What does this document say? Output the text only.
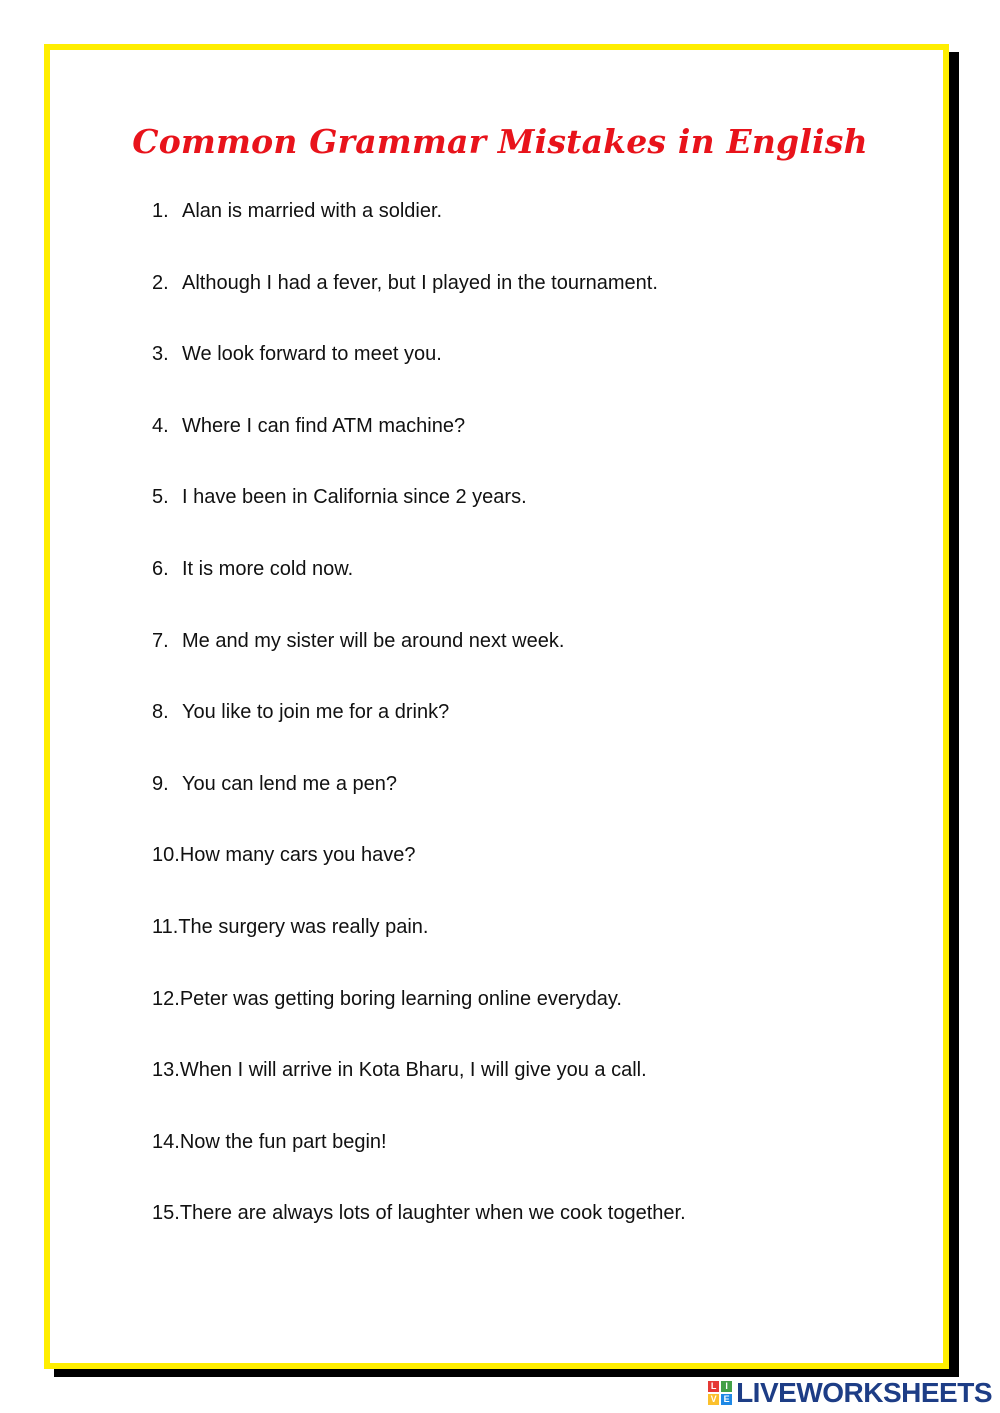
Common Grammar Mistakes in English
1. Alan is married with a soldier.
2. Although I had a fever, but I played in the tournament.
3. We look forward to meet you.
4. Where I can find ATM machine?
5. I have been in California since 2 years.
6. It is more cold now.
7. Me and my sister will be around next week.
8. You like to join me for a drink?
9. You can lend me a pen?
10.How many cars you have?
11.The surgery was really pain.
12.Peter was getting boring learning online everyday.
13.When I will arrive in Kota Bharu, I will give you a call.
14.Now the fun part begin!
15.There are always lots of laughter when we cook together.
L I
V E LIVEWORKSHEETS
